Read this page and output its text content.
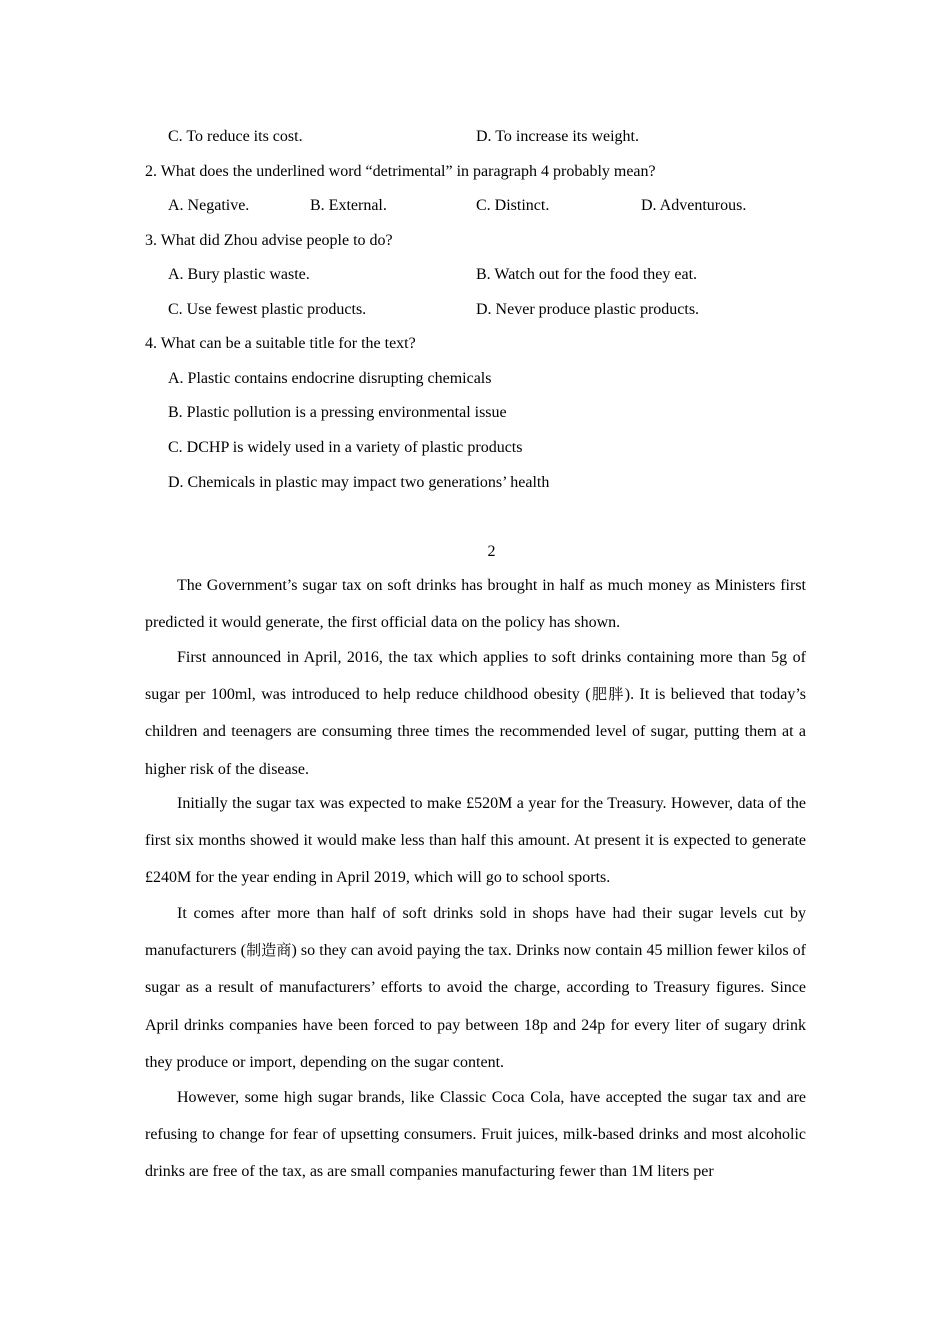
C. To reduce its cost.	D. To increase its weight.
2. What does the underlined word “detrimental” in paragraph 4 probably mean?
A. Negative.	B. External.	C. Distinct.	D. Adventurous.
3. What did Zhou advise people to do?
A. Bury plastic waste.	B. Watch out for the food they eat.
C. Use fewest plastic products.	D. Never produce plastic products.
4. What can be a suitable title for the text?
A. Plastic contains endocrine disrupting chemicals
B. Plastic pollution is a pressing environmental issue
C. DCHP is widely used in a variety of plastic products
D. Chemicals in plastic may impact two generations’ health
2

The Government’s sugar tax on soft drinks has brought in half as much money as Ministers first predicted it would generate, the first official data on the policy has shown.

First announced in April, 2016, the tax which applies to soft drinks containing more than 5g of sugar per 100ml, was introduced to help reduce childhood obesity (肥胖). It is believed that today’s children and teenagers are consuming three times the recommended level of sugar, putting them at a higher risk of the disease.

Initially the sugar tax was expected to make £520M a year for the Treasury. However, data of the first six months showed it would make less than half this amount. At present it is expected to generate £240M for the year ending in April 2019, which will go to school sports.

It comes after more than half of soft drinks sold in shops have had their sugar levels cut by manufacturers (制造商) so they can avoid paying the tax. Drinks now contain 45 million fewer kilos of sugar as a result of manufacturers’ efforts to avoid the charge, according to Treasury figures. Since April drinks companies have been forced to pay between 18p and 24p for every liter of sugary drink they produce or import, depending on the sugar content.

However, some high sugar brands, like Classic Coca Cola, have accepted the sugar tax and are refusing to change for fear of upsetting consumers. Fruit juices, milk-based drinks and most alcoholic drinks are free of the tax, as are small companies manufacturing fewer than 1M liters per
